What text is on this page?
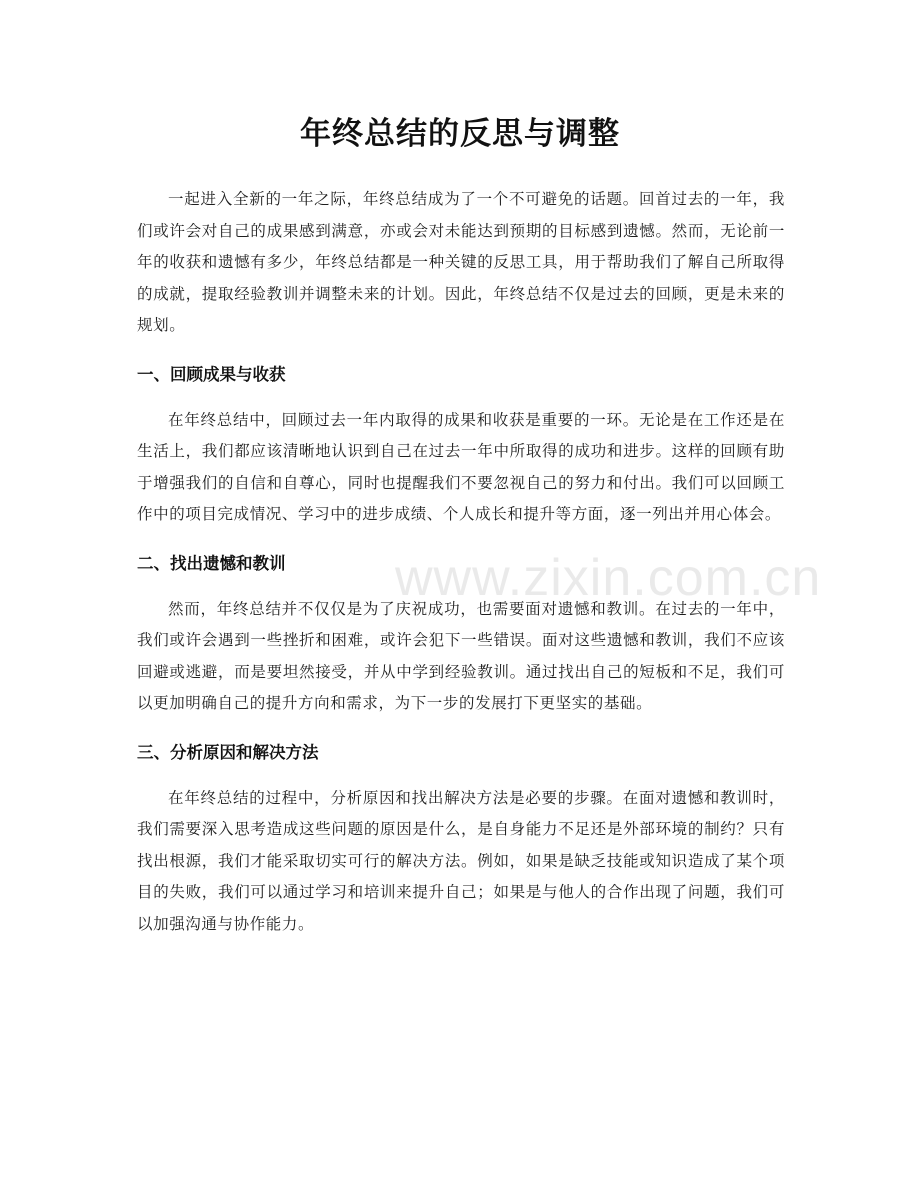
年终总结的反思与调整
www.zixin.com.cn

一起进入全新的一年之际，年终总结成为了一个不可避免的话题。回首过去的一年，我们或许会对自己的成果感到满意，亦或会对未能达到预期的目标感到遗憾。然而，无论前一年的收获和遗憾有多少，年终总结都是一种关键的反思工具，用于帮助我们了解自己所取得的成就，提取经验教训并调整未来的计划。因此，年终总结不仅是过去的回顾，更是未来的规划。

一、回顾成果与收获

在年终总结中，回顾过去一年内取得的成果和收获是重要的一环。无论是在工作还是在生活上，我们都应该清晰地认识到自己在过去一年中所取得的成功和进步。这样的回顾有助于增强我们的自信和自尊心，同时也提醒我们不要忽视自己的努力和付出。我们可以回顾工作中的项目完成情况、学习中的进步成绩、个人成长和提升等方面，逐一列出并用心体会。

二、找出遗憾和教训

然而，年终总结并不仅仅是为了庆祝成功，也需要面对遗憾和教训。在过去的一年中，我们或许会遇到一些挫折和困难，或许会犯下一些错误。面对这些遗憾和教训，我们不应该回避或逃避，而是要坦然接受，并从中学到经验教训。通过找出自己的短板和不足，我们可以更加明确自己的提升方向和需求，为下一步的发展打下更坚实的基础。

三、分析原因和解决方法

在年终总结的过程中，分析原因和找出解决方法是必要的步骤。在面对遗憾和教训时，我们需要深入思考造成这些问题的原因是什么，是自身能力不足还是外部环境的制约？只有找出根源，我们才能采取切实可行的解决方法。例如，如果是缺乏技能或知识造成了某个项目的失败，我们可以通过学习和培训来提升自己；如果是与他人的合作出现了问题，我们可以加强沟通与协作能力。
